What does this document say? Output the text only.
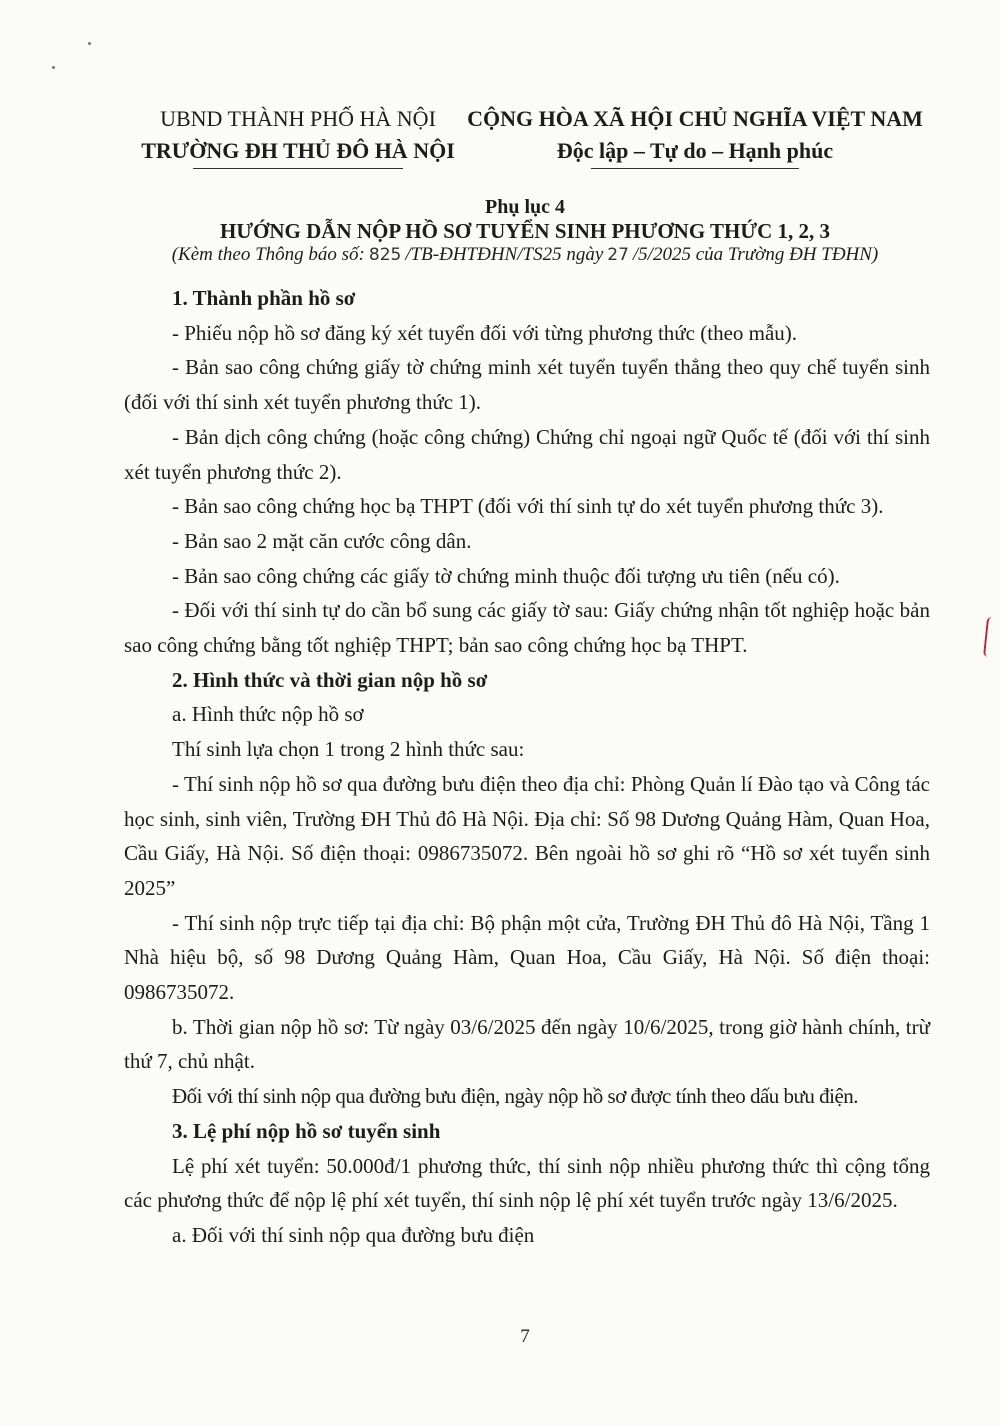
UBND THÀNH PHỐ HÀ NỘI
TRƯỜNG ĐH THỦ ĐÔ HÀ NỘI
CỘNG HÒA XÃ HỘI CHỦ NGHĨA VIỆT NAM
Độc lập – Tự do – Hạnh phúc
Phụ lục 4
HƯỚNG DẪN NỘP HỒ SƠ TUYỂN SINH PHƯƠNG THỨC 1, 2, 3
(Kèm theo Thông báo số: 825 /TB-ĐHTĐHN/TS25 ngày 27 /5/2025 của Trường ĐH TĐHN)

1. Thành phần hồ sơ

- Phiếu nộp hồ sơ đăng ký xét tuyển đối với từng phương thức (theo mẫu).

- Bản sao công chứng giấy tờ chứng minh xét tuyển tuyển thẳng theo quy chế tuyển sinh (đối với thí sinh xét tuyển phương thức 1).

- Bản dịch công chứng (hoặc công chứng) Chứng chỉ ngoại ngữ Quốc tế (đối với thí sinh xét tuyển phương thức 2).

- Bản sao công chứng học bạ THPT (đối với thí sinh tự do xét tuyển phương thức 3).

- Bản sao 2 mặt căn cước công dân.

- Bản sao công chứng các giấy tờ chứng minh thuộc đối tượng ưu tiên (nếu có).

- Đối với thí sinh tự do cần bổ sung các giấy tờ sau: Giấy chứng nhận tốt nghiệp hoặc bản sao công chứng bằng tốt nghiệp THPT; bản sao công chứng học bạ THPT.

2. Hình thức và thời gian nộp hồ sơ

a. Hình thức nộp hồ sơ

Thí sinh lựa chọn 1 trong 2 hình thức sau:

- Thí sinh nộp hồ sơ qua đường bưu điện theo địa chỉ: Phòng Quản lí Đào tạo và Công tác học sinh, sinh viên, Trường ĐH Thủ đô Hà Nội. Địa chỉ: Số 98 Dương Quảng Hàm, Quan Hoa, Cầu Giấy, Hà Nội. Số điện thoại: 0986735072. Bên ngoài hồ sơ ghi rõ “Hồ sơ xét tuyển sinh 2025”

- Thí sinh nộp trực tiếp tại địa chỉ: Bộ phận một cửa, Trường ĐH Thủ đô Hà Nội, Tầng 1 Nhà hiệu bộ, số 98 Dương Quảng Hàm, Quan Hoa, Cầu Giấy, Hà Nội. Số điện thoại: 0986735072.

b. Thời gian nộp hồ sơ: Từ ngày 03/6/2025 đến ngày 10/6/2025, trong giờ hành chính, trừ thứ 7, chủ nhật.

Đối với thí sinh nộp qua đường bưu điện, ngày nộp hồ sơ được tính theo dấu bưu điện.

3. Lệ phí nộp hồ sơ tuyển sinh

Lệ phí xét tuyển: 50.000đ/1 phương thức, thí sinh nộp nhiều phương thức thì cộng tổng các phương thức để nộp lệ phí xét tuyển, thí sinh nộp lệ phí xét tuyển trước ngày 13/6/2025.

a. Đối với thí sinh nộp qua đường bưu điện

7
